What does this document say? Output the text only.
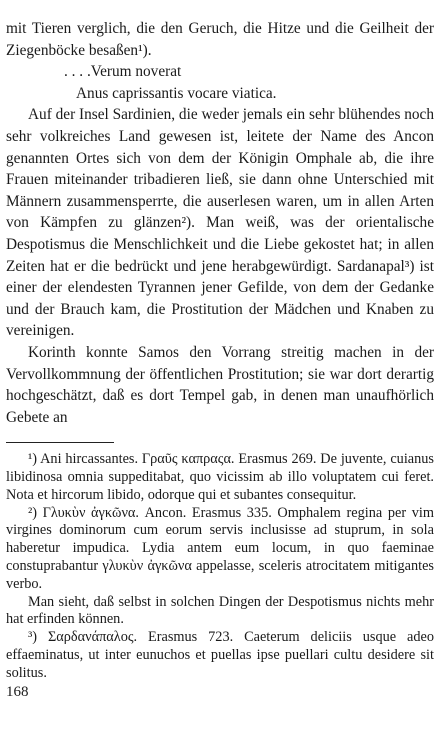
mit Tieren verglich, die den Geruch, die Hitze und die Geilheit der Ziegenböcke besaßen¹).

. . . .Verum noverat

Anus caprissantis vocare viatica.

Auf der Insel Sardinien, die weder jemals ein sehr blühendes noch sehr volkreiches Land gewesen ist, leitete der Name des Ancon genannten Ortes sich von dem der Königin Omphale ab, die ihre Frauen miteinander tribadieren ließ, sie dann ohne Unterschied mit Männern zusammensperrte, die auserlesen waren, um in allen Arten von Kämpfen zu glänzen²). Man weiß, was der orientalische Despotismus die Menschlichkeit und die Liebe gekostet hat; in allen Zeiten hat er die bedrückt und jene herabgewürdigt. Sardanapal³) ist einer der elendesten Tyrannen jener Gefilde, von dem der Gedanke und der Brauch kam, die Prostitution der Mädchen und Knaben zu vereinigen.

Korinth konnte Samos den Vorrang streitig machen in der Vervollkommnung der öffentlichen Prostitution; sie war dort derartig hochgeschätzt, daß es dort Tempel gab, in denen man unaufhörlich Gebete an

¹) Ani hircassantes. Γραῦς καπραςα. Erasmus 269. De juvente, cuianus libidinosa omnia suppeditabat, quo vicissim ab illo voluptatem cui feret. Nota et hircorum libido, odorque qui et subantes consequitur.

²) Γλυκὺν ἀγκῶνα. Ancon. Erasmus 335. Omphalem regina per vim virgines dominorum cum eorum servis inclusisse ad stuprum, in sola haberetur impudica. Lydia antem eum locum, in quo faeminae constuprabantur γλυκὺν ἀγκῶνα appelasse, sceleris atrocitatem mitigantes verbo.

Man sieht, daß selbst in solchen Dingen der Despotismus nichts mehr hat erfinden können.

³) Σαρδανάπαλος. Erasmus 723. Caeterum deliciis usque adeo effaeminatus, ut inter eunuchos et puellas ipse puellari cultu desidere sit solitus.

168
